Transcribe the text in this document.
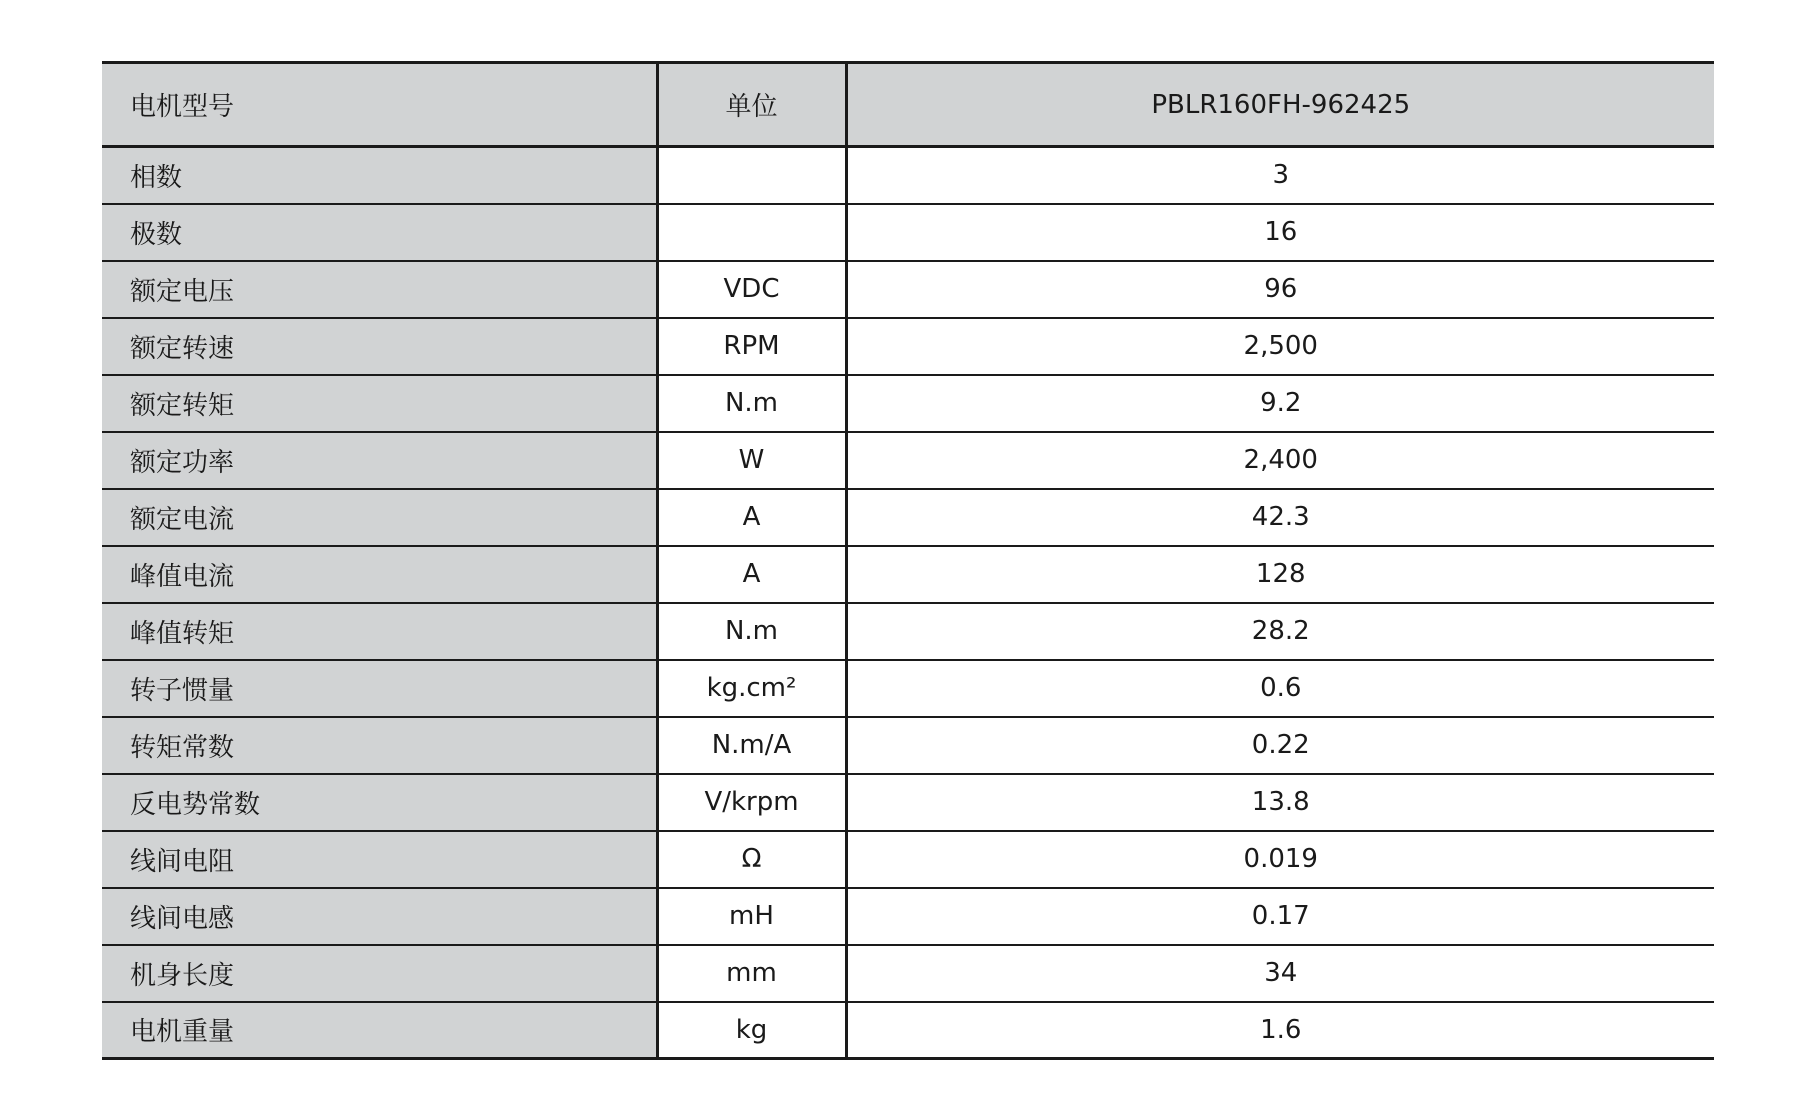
电机型号	单位	PBLR160FH-962425
相数		3
极数		16
额定电压	VDC	96
额定转速	RPM	2,500
额定转矩	N.m	9.2
额定功率	W	2,400
额定电流	A	42.3
峰值电流	A	128
峰值转矩	N.m	28.2
转子惯量	kg.cm²	0.6
转矩常数	N.m/A	0.22
反电势常数	V/krpm	13.8
线间电阻	Ω	0.019
线间电感	mH	0.17
机身长度	mm	34
电机重量	kg	1.6
